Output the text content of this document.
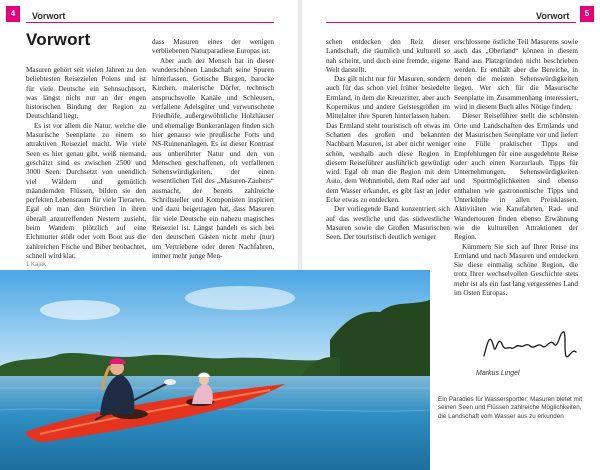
4	Vorwort
Vorwort

Masuren gehört seit vielen Jahren zu den beliebtesten Reisezielen Polens und ist für viele Deutsche ein Sehnsuchtsort, was längst nicht nur an der engen historischen Bindung der Region zu Deutschland liegt.

Es ist vor allem die Natur, welche die Masurische Seenplatte zu einem so attraktiven Reiseziel macht. Wie viele Seen es hier genau gibt, weiß niemand, geschätzt sind es zwischen 2500 und 3000 Seen. Durchsetzt von unendlich viel Wäldern und gemütlich mäandernden Flüssen, bilden sie den perfekten Lebensraum für viele Tierarten. Egal ob man den Störchen in ihren überall anzutreffenden Nestern zusieht, beim Wandern plötzlich auf eine Elchmutter stößt oder vom Boot aus die zahlreichen Fische und Biber beobachtet, schnell wird klar,

dass Masuren eines der wenigen verbliebenen Naturparadiese Europas ist.

Aber auch der Mensch hat in dieser wunderschönen Landschaft seine Spuren hinterlassen. Gotische Burgen, barocke Kirchen, malerische Dörfer, technisch anspruchsvolle Kanäle und Schleusen, verfallene Adelsgüter und verwunschene Friedhöfe, außergewöhnliche Holzhäuser und ehemalige Bunkeranlagen finden sich hier genauso wie preußische Forts und NS-Ruinenanlagen. Es ist dieser Kontrast aus unberührter Natur und den von Menschen geschaffenen, oft verfallenen Sehenswürdigkeiten, der einen wesentlichen Teil des „Masuren-Zaubers“ ausmacht, der bereits zahlreiche Schriftsteller und Komponisten inspiriert und dazu beigetragen hat, dass Masuren für viele Deutsche ein nahezu magisches Reiseziel ist. Längst handelt es sich bei den deutschen Gästen nicht mehr (nur) um Vertriebene oder deren Nachfahren, immer mehr junge Men-

5
Vorwort

schen entdecken den Reiz dieser Landschaft, die räumlich und kulturell so nah scheint, und doch eine fremde, eigene Welt darstellt.

Das gilt nicht nur für Masuren, sondern auch für das schon viel früher besiedelte Ermland, in dem die Kreuzritter, aber auch Kopernikus und andere Geistesgrößen im Mittelalter ihre Spuren hinterlassen haben. Das Ermland steht touristisch oft etwas im Schatten des großen und bekannten Nachbarn Masuren, ist aber nicht weniger schön, weshalb auch diese Region in diesem Reiseführer ausführlich gewürdigt wird. Egal ob man die Region mit dem Auto, dem Wohnmobil, dem Rad oder auf dem Wasser erkundet, es gibt fast an jeder Ecke etwas zu entdecken.

Der vorliegende Band konzentriert sich auf das westliche und das südwestliche Masuren sowie die Großen Masurischen Seen. Der touristisch deutlich weniger

erschlossene östliche Teil Masurens sowie auch das „Oberland“ können in diesem Band aus Platzgründen nicht beschrieben werden. Er enthält aber die Bereiche, in denen die meisten Sehenswürdigkeiten liegen. Wer sich für die Masurische Seenplatte im Zusammenhang interessiert, wird in diesem Buch alles Nötige finden.

Dieser Reiseführer stellt die schönsten Orte und Landschaften des Ermlands und der Masurischen Seenplatte vor und liefert eine Fülle praktischer Tipps und Empfehlungen für eine ausgedehnte Reise oder auch einen Kurzurlaub. Tipps für Unternehmungen, Sehenswürdigkeiten und Sportmöglichkeiten sind ebenso enthalten wie gastronomische Tipps und Unterkünfte in allen Preisklassen. Aktivitäten wie Kanufahrten, Rad- und Wandertouren finden ebenso Erwähnung wie die kulturellen Attraktionen der Region.

Kümmern Sie sich auf Ihrer Reise ins Ermland und nach Masuren und entdecken Sie diese einmalig schöne Region, die trotz Ihrer wechselvollen Geschichte stets mehr ist als ein fast lang vergessenes Land im Osten Europas.

1 Kajak
Markus Lingel
Ein Paradies für Wassersportler: Masuren bietet mit seinen Seen und Flüssen zahlreiche Möglichkeiten, die Landschaft vom Wasser aus zu erkunden
